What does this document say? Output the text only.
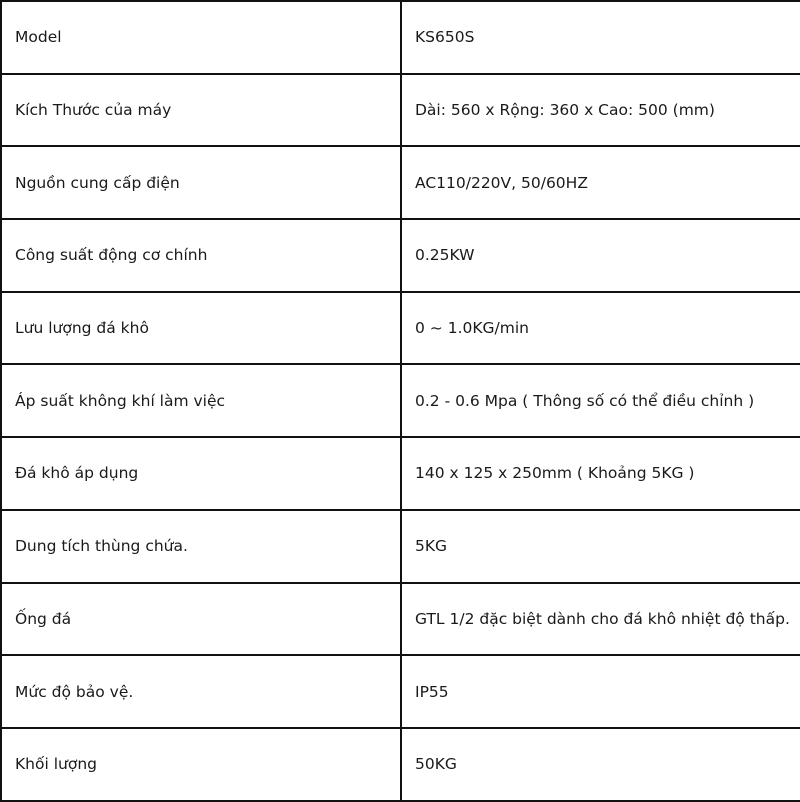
Model	KS650S
Kích Thước của máy	Dài: 560 x Rộng: 360 x Cao: 500 (mm)
Nguồn cung cấp điện	AC110/220V, 50/60HZ
Công suất động cơ chính	0.25KW
Lưu lượng đá khô	0 ~ 1.0KG/min
Áp suất không khí làm việc	0.2 - 0.6 Mpa ( Thông số có thể điều chỉnh )
Đá khô áp dụng	140 x 125 x 250mm ( Khoảng 5KG )
Dung tích thùng chứa.	5KG
Ống đá	GTL 1/2 đặc biệt dành cho đá khô nhiệt độ thấp.
Mức độ bảo vệ.	IP55
Khối lượng	50KG
